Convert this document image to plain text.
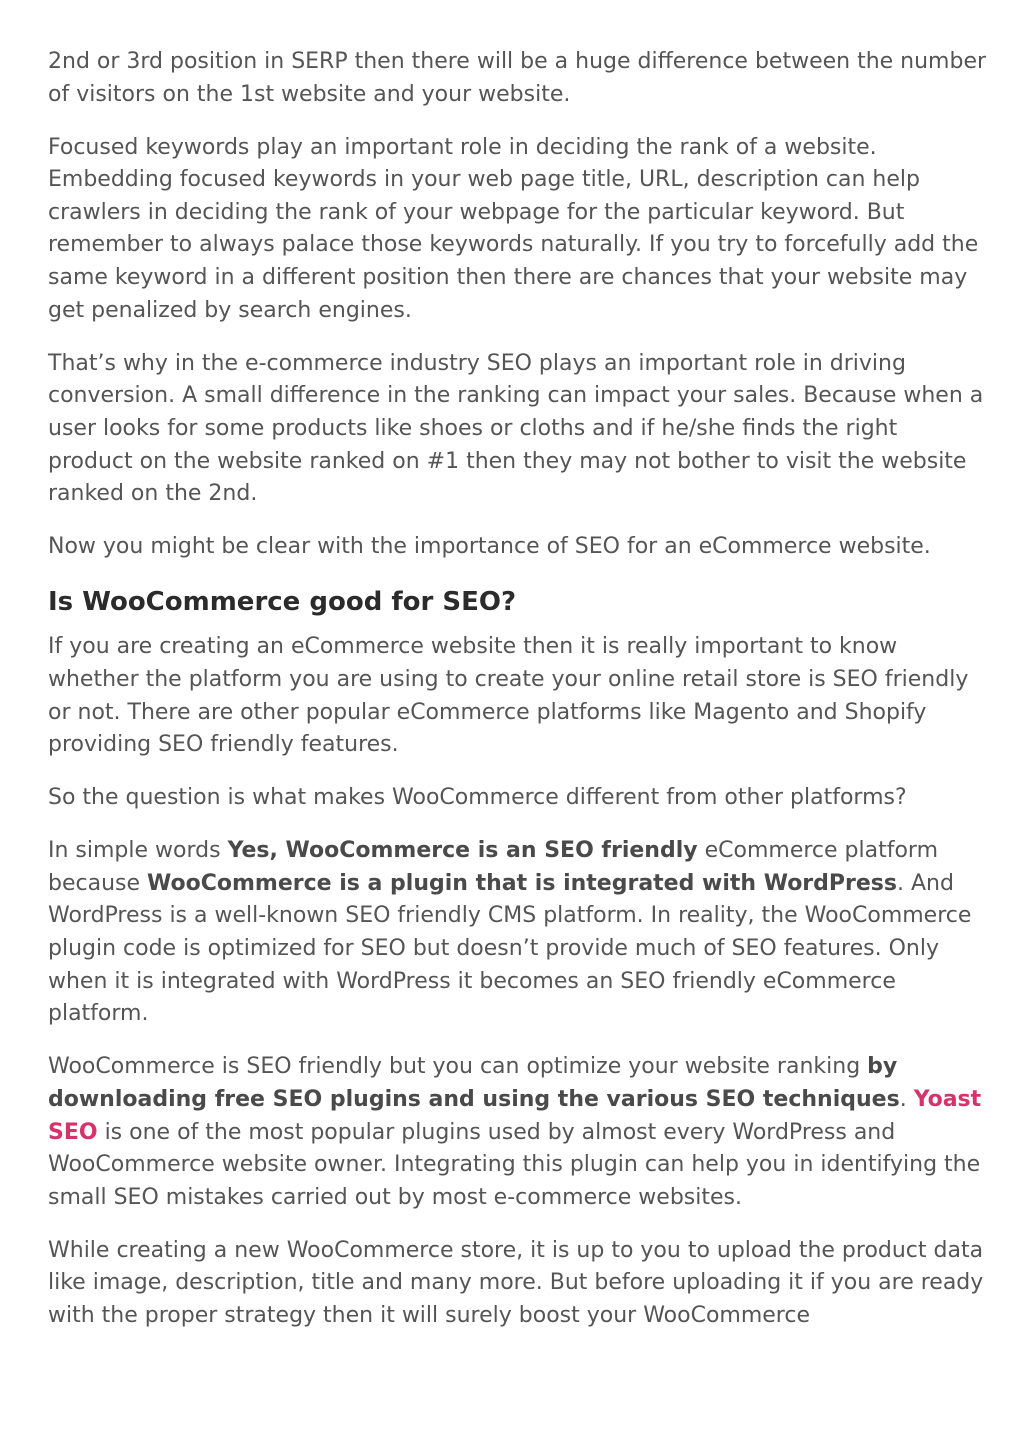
2nd or 3rd position in SERP then there will be a huge difference between the number of visitors on the 1st website and your website.

Focused keywords play an important role in deciding the rank of a website. Embedding focused keywords in your web page title, URL, description can help crawlers in deciding the rank of your webpage for the particular keyword. But remember to always palace those keywords naturally. If you try to forcefully add the same keyword in a different position then there are chances that your website may get penalized by search engines.

That’s why in the e-commerce industry SEO plays an important role in driving conversion. A small difference in the ranking can impact your sales. Because when a user looks for some products like shoes or cloths and if he/she finds the right product on the website ranked on #1 then they may not bother to visit the website ranked on the 2nd.

Now you might be clear with the importance of SEO for an eCommerce website.

Is WooCommerce good for SEO?

If you are creating an eCommerce website then it is really important to know whether the platform you are using to create your online retail store is SEO friendly or not. There are other popular eCommerce platforms like Magento and Shopify providing SEO friendly features.

So the question is what makes WooCommerce different from other platforms?

In simple words Yes, WooCommerce is an SEO friendly eCommerce platform because WooCommerce is a plugin that is integrated with WordPress. And WordPress is a well-known SEO friendly CMS platform. In reality, the WooCommerce plugin code is optimized for SEO but doesn’t provide much of SEO features. Only when it is integrated with WordPress it becomes an SEO friendly eCommerce platform.

WooCommerce is SEO friendly but you can optimize your website ranking by downloading free SEO plugins and using the various SEO techniques. Yoast SEO is one of the most popular plugins used by almost every WordPress and WooCommerce website owner. Integrating this plugin can help you in identifying the small SEO mistakes carried out by most e-commerce websites.

While creating a new WooCommerce store, it is up to you to upload the product data like image, description, title and many more. But before uploading it if you are ready with the proper strategy then it will surely boost your WooCommerce
